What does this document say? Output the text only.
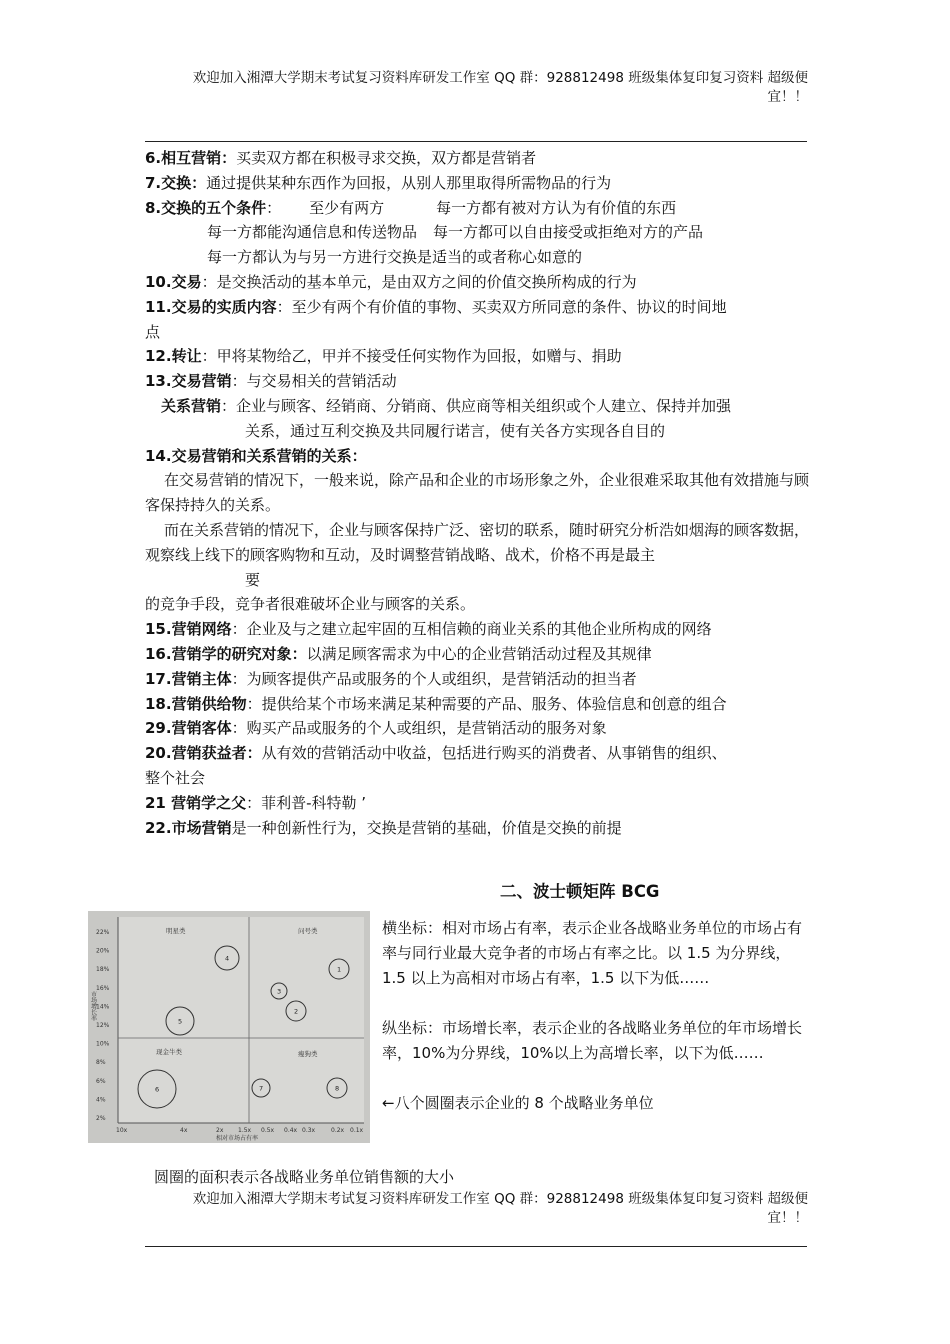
欢迎加入湘潭大学期末考试复习资料库研发工作室 QQ 群：928812498 班级集体复印复习资料 超级便
宜！！
6.相互营销：买卖双方都在积极寻求交换，双方都是营销者
7.交换：通过提供某种东西作为回报，从别人那里取得所需物品的行为
8.交换的五个条件： 至少有两方	每一方都有被对方认为有价值的东西
每一方都能沟通信息和传送物品 每一方都可以自由接受或拒绝对方的产品
每一方都认为与另一方进行交换是适当的或者称心如意的
10.交易：是交换活动的基本单元，是由双方之间的价值交换所构成的行为
11.交易的实质内容：至少有两个有价值的事物、买卖双方所同意的条件、协议的时间地
点
12.转让：甲将某物给乙，甲并不接受任何实物作为回报，如赠与、捐助
13.交易营销：与交易相关的营销活动
关系营销：企业与顾客、经销商、分销商、供应商等相关组织或个人建立、保持并加强
关系，通过互利交换及共同履行诺言，使有关各方实现各自目的
14.交易营销和关系营销的关系：
在交易营销的情况下，一般来说，除产品和企业的市场形象之外，企业很难采取其他有效措施与顾客保持持久的关系。
而在关系营销的情况下，企业与顾客保持广泛、密切的联系，随时研究分析浩如烟海的顾客数据，观察线上线下的顾客购物和互动，及时调整营销战略、战术，价格不再是最主
要
的竞争手段，竞争者很难破坏企业与顾客的关系。
15.营销网络：企业及与之建立起牢固的互相信赖的商业关系的其他企业所构成的网络
16.营销学的研究对象：以满足顾客需求为中心的企业营销活动过程及其规律
17.营销主体：为顾客提供产品或服务的个人或组织，是营销活动的担当者
18.营销供给物：提供给某个市场来满足某种需要的产品、服务、体验信息和创意的组合
29.营销客体：购买产品或服务的个人或组织，是营销活动的服务对象
20.营销获益者：从有效的营销活动中收益，包括进行购买的消费者、从事销售的组织、
整个社会
21 营销学之父：菲利普-科特勒 ’
22.市场营销是一种创新性行为，交换是营销的基础，价值是交换的前提
二、波士顿矩阵 BCG
22%
20%
18%
16%
14%
12%
10%
8%
6%
4%
2%
10x	4x	2x 1.5x 0.5x 0.4x 0.3x	0.2x 0.1x
明星类	问号类
现金牛类	瘦狗类
市场增长率
相对市场占有率
1
2
3
4
5
6	7	8

横坐标：相对市场占有率，表示企业各战略业务单位的市场占有率与同行业最大竞争者的市场占有率之比。以 1.5 为分界线，1.5 以上为高相对市场占有率，1.5 以下为低……

纵坐标：市场增长率，表示企业的各战略业务单位的年市场增长率，10%为分界线，10%以上为高增长率，以下为低……

←八个圆圈表示企业的 8 个战略业务单位

圆圈的面积表示各战略业务单位销售额的大小
欢迎加入湘潭大学期末考试复习资料库研发工作室 QQ 群：928812498 班级集体复印复习资料 超级便
宜！！
